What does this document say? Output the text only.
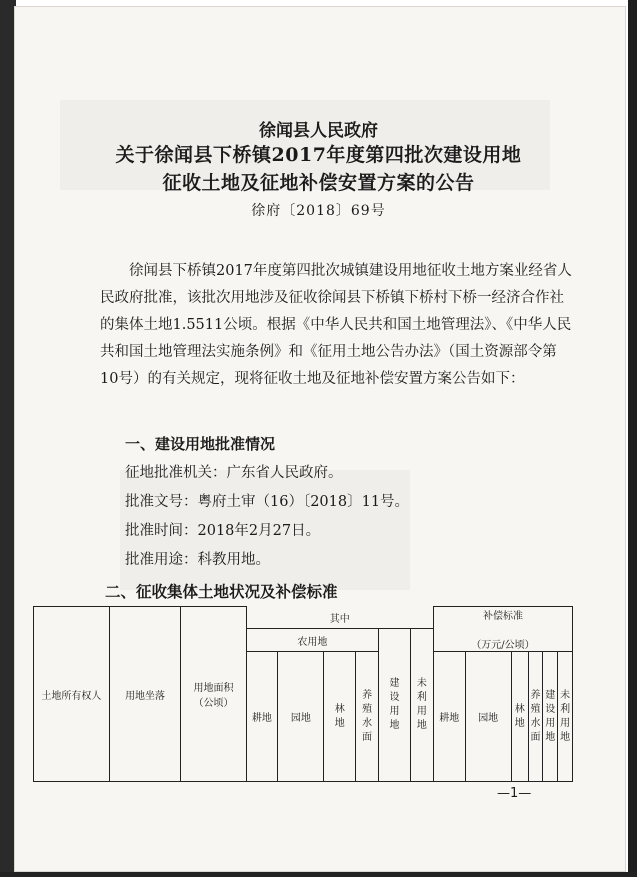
徐闻县人民政府
关于徐闻县下桥镇2017年度第四批次建设用地
征收土地及征地补偿安置方案的公告
徐府〔2018〕69号
徐闻县下桥镇2017年度第四批次城镇建设用地征收土地方案业经省人民政府批准，该批次用地涉及征收徐闻县下桥镇下桥村下桥一经济合作社的集体土地1.5511公顷。根据《中华人民共和国土地管理法》、《中华人民共和国土地管理法实施条例》和《征用土地公告办法》（国土资源部令第10号）的有关规定，现将征收土地及征地补偿安置方案公告如下：
一、建设用地批准情况
征地批准机关：广东省人民政府。
批准文号：粤府土审（16）〔2018〕11号。
批准时间：2018年2月27日。
批准用途：科教用地。
二、征收集体土地状况及补偿标准
土地所有权人	用地坐落	用地面积（公顷）	其中						补偿标准
（万元/公顷）					

			农用地				建设用地	未利用地						
			耕地	园地	林地	养殖水面			耕地	园地	林地	养殖水面	建设用地	未利用地

—1—
